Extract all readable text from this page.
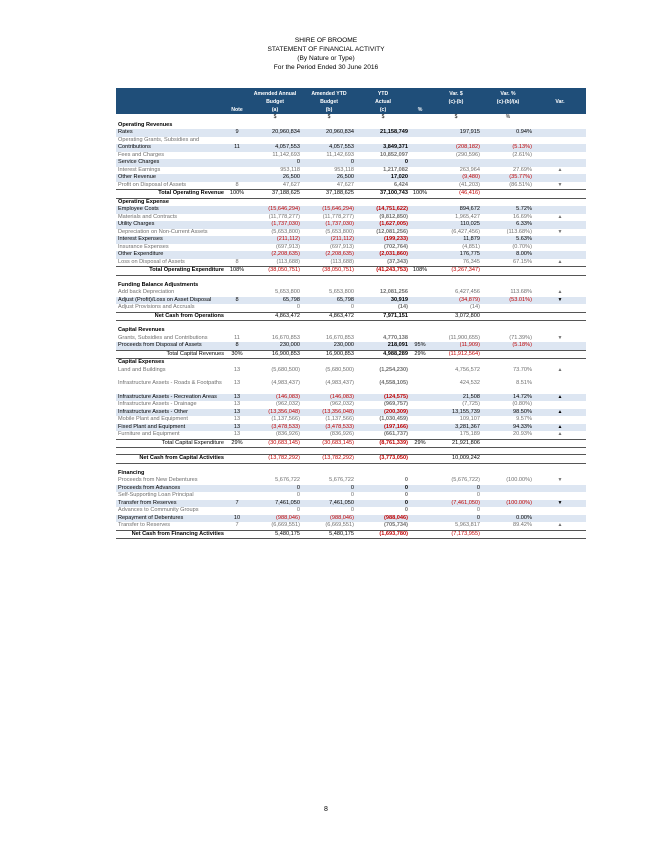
SHIRE OF BROOME
STATEMENT OF FINANCIAL ACTIVITY
(By Nature or Type)
For the Period Ended 30 June 2016
		Amended Annual	Amended YTD	YTD		Var. $	Var. %	
		Budget	Budget	Actual		(c)-(b)	(c)-(b)/(a)	Var.
	Note	(a)	(b)	(c)	%			
		$	$	$		$	%	
Operating Revenues								
Rates	9	20,960,834	20,960,834	21,158,749		197,915	0.94%	
Operating Grants, Subsidies and								
Contributions	11	4,057,553	4,057,553	3,849,371		(208,182)	(5.13%)	
Fees and Charges		11,142,693	11,142,693	10,852,097		(290,596)	(2.61%)	
Service Charges		0	0	0				
Interest Earnings		953,118	953,118	1,217,082		263,964	27.69%	▲
Other Revenue		26,500	26,500	17,020		(9,480)	(35.77%)	
Profit on Disposal of Assets	8	47,627	47,627	6,424		(41,203)	(86.51%)	▼
Total Operating Revenue	100%	37,188,625	37,188,625	37,100,743	100%	(46,416)		
Operating Expense								
Employee Costs		(15,646,294)	(15,646,294)	(14,751,622)		894,672	5.72%	
Materials and Contracts		(11,778,277)	(11,778,277)	(9,812,850)		1,965,427	16.69%	▲
Utility Charges		(1,737,030)	(1,737,030)	(1,627,005)		110,025	6.33%	
Depreciation on Non-Current Assets		(5,653,800)	(5,653,800)	(12,081,256)		(6,427,456)	(113.68%)	▼
Interest Expenses		(211,112)	(211,112)	(199,233)		11,879	5.63%	
Insurance Expenses		(697,913)	(697,913)	(702,764)		(4,851)	(0.70%)	
Other Expenditure		(2,208,635)	(2,208,635)	(2,031,860)		176,775	8.00%	
Loss on Disposal of Assets	8	(113,688)	(113,688)	(37,343)		76,345	67.15%	▲
Total Operating Expenditure	108%	(38,050,751)	(38,050,751)	(41,243,753)	108%	(3,267,347)		

Funding Balance Adjustments								
Add back Depreciation		5,653,800	5,653,800	12,081,256		6,427,456	113.68%	▲
Adjust (Profit)/Loss on Asset Disposal	8	65,798	65,798	30,919		(34,879)	(53.01%)	▼
Adjust Provisions and Accruals		0	0	(14)		(14)		
Net Cash from Operations		4,863,472	4,863,472	7,971,151		3,072,800		

Capital Revenues								
Grants, Subsidies and Contributions	11	16,670,853	16,670,853	4,770,138		(11,900,655)	(71.39%)	▼
Proceeds from Disposal of Assets	8	230,000	230,000	218,091	95%	(11,909)	(5.18%)	
Total Capital Revenues	30%	16,900,853	16,900,853	4,988,289	29%	(11,912,564)		
Capital Expenses								
Land and Buildings	13	(5,680,500)	(5,680,500)	(1,254,230)		4,756,572	73.70%	▲

Infrastructure Assets - Roads & Footpaths	13	(4,983,437)	(4,983,437)	(4,558,105)		424,532	8.51%	

Infrastructure Assets - Recreation Areas	13	(146,083)	(146,083)	(124,575)		21,508	14.72%	▲
Infrastructure Assets - Drainage	13	(962,032)	(962,032)	(969,757)		(7,725)	(0.80%)	
Infrastructure Assets - Other	13	(13,356,048)	(13,356,048)	(200,309)		13,155,739	98.50%	▲
Mobile Plant and Equipment	13	(1,137,566)	(1,137,566)	(1,030,459)		109,107	9.57%	
Fixed Plant and Equipment	13	(3,478,533)	(3,478,533)	(197,166)		3,281,367	94.33%	▲
Furniture and Equipment	13	(836,926)	(836,926)	(661,737)		175,189	20.93%	▲
Total Capital Expenditure	29%	(30,683,145)	(30,683,145)	(8,761,339)	29%	21,921,806		

Net Cash from Capital Activities		(13,782,292)	(13,782,292)	(3,773,050)		10,009,242		

Financing								
Proceeds from New Debentures		5,676,722	5,676,722	0		(5,676,722)	(100.00%)	▼
Proceeds from Advances		0	0	0		0		
Self-Supporting Loan Principal		0	0	0		0		
Transfer from Reserves	7	7,461,050	7,461,050	0		(7,461,050)	(100.00%)	▼
Advances to Community Groups		0	0	0		0		
Repayment of Debentures	10	(988,046)	(988,046)	(988,046)		0	0.00%	
Transfer to Reserves	7	(6,669,551)	(6,669,551)	(705,734)		5,963,817	89.42%	▲
Net Cash from Financing Activities		5,480,175	5,480,175	(1,693,780)		(7,173,955)		
8
